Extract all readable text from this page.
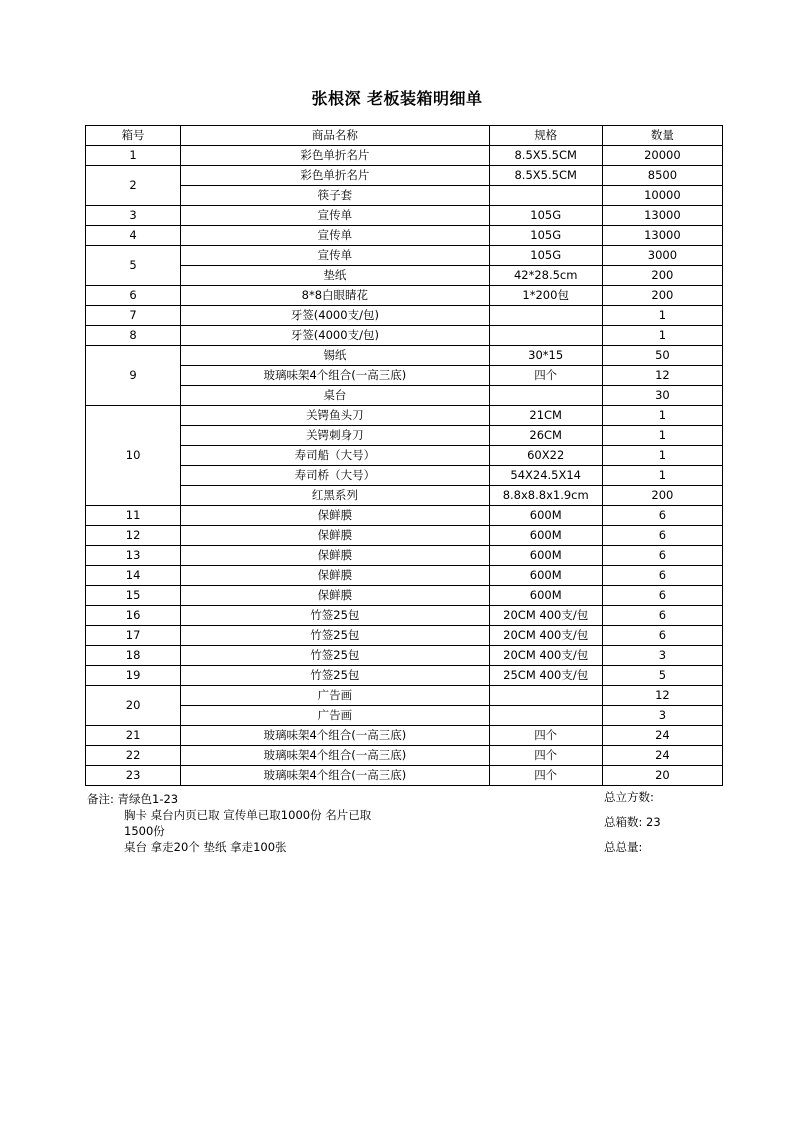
张根深 老板装箱明细单
箱号	商品名称	规格	数量
1	彩色单折名片	8.5X5.5CM	20000
2	彩色单折名片	8.5X5.5CM	8500
	筷子套		10000
3	宣传单	105G	13000
4	宣传单	105G	13000
5	宣传单	105G	3000
	垫纸	42*28.5cm	200
6	8*8白眼睛花	1*200包	200
7	牙签(4000支/包)		1
8	牙签(4000支/包)		1
9	锡纸	30*15	50
	玻璃味架4个组合(一高三底)	四个	12
	桌台		30
10	关锷鱼头刀	21CM	1
	关锷刺身刀	26CM	1
	寿司船（大号）	60X22	1
	寿司桥（大号）	54X24.5X14	1
	红黑系列	8.8x8.8x1.9cm	200
11	保鲜膜	600M	6
12	保鲜膜	600M	6
13	保鲜膜	600M	6
14	保鲜膜	600M	6
15	保鲜膜	600M	6
16	竹签25包	20CM 400支/包	6
17	竹签25包	20CM 400支/包	6
18	竹签25包	20CM 400支/包	3
19	竹签25包	25CM 400支/包	5
20	广告画		12
	广告画		3
21	玻璃味架4个组合(一高三底)	四个	24
22	玻璃味架4个组合(一高三底)	四个	24
23	玻璃味架4个组合(一高三底)	四个	20
备注: 青绿色1-23
胸卡 桌台内页已取 宣传单已取1000份 名片已取
1500份
桌台 拿走20个 垫纸 拿走100张
总立方数:
总箱数: 23
总总量:
